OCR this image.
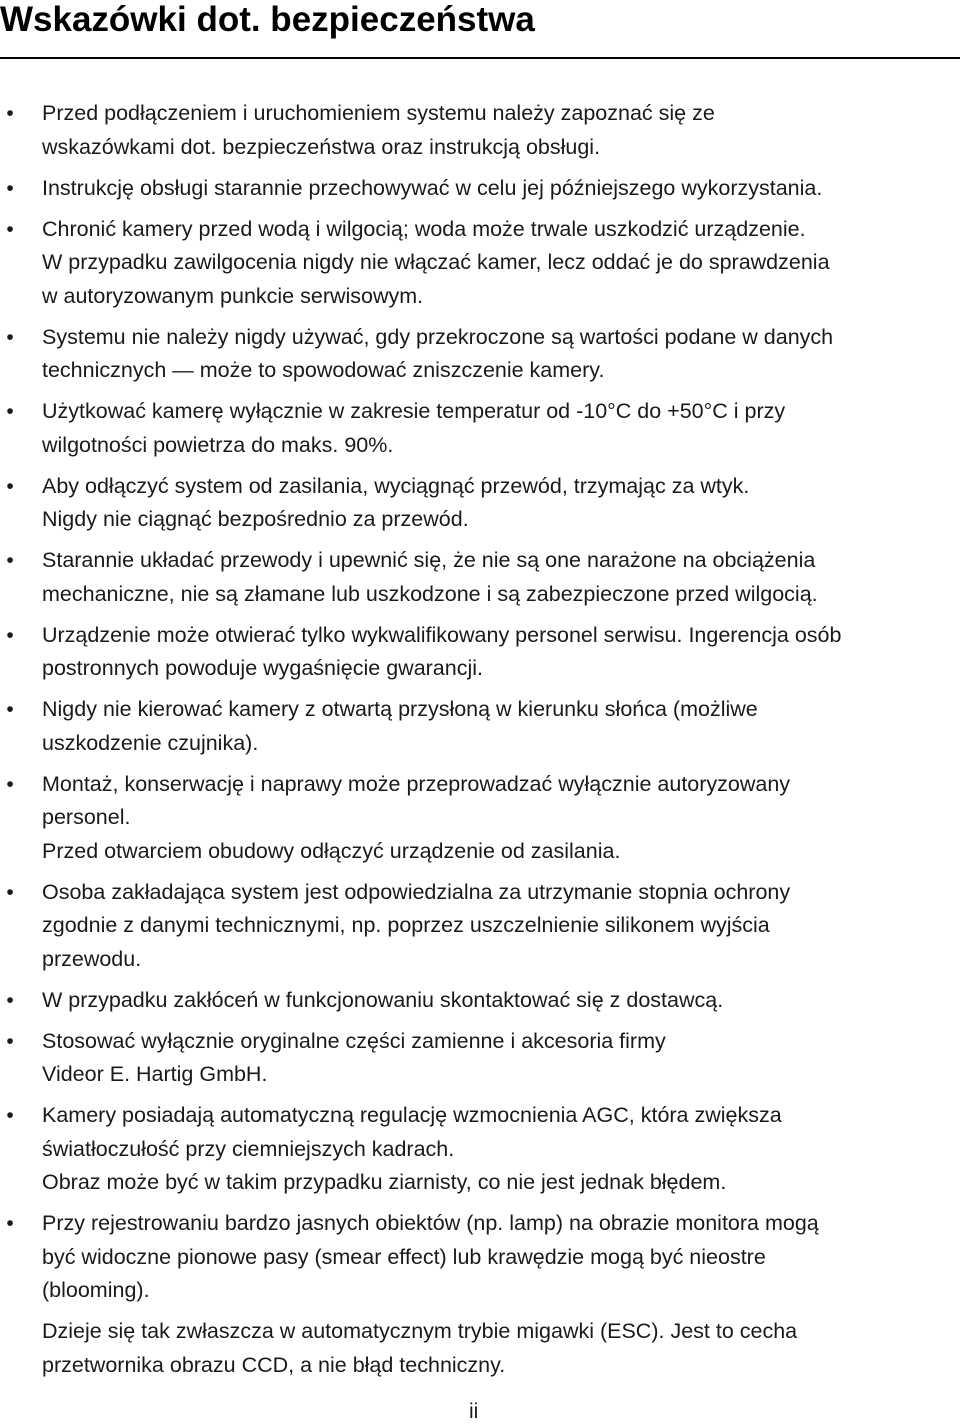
Wskazówki dot. bezpieczeństwa
• Przed podłączeniem i uruchomieniem systemu należy zapoznać się ze
wskazówkami dot. bezpieczeństwa oraz instrukcją obsługi.
• Instrukcję obsługi starannie przechowywać w celu jej późniejszego wykorzystania.
• Chronić kamery przed wodą i wilgocią; woda może trwale uszkodzić urządzenie.
W przypadku zawilgocenia nigdy nie włączać kamer, lecz oddać je do sprawdzenia
w autoryzowanym punkcie serwisowym.
• Systemu nie należy nigdy używać, gdy przekroczone są wartości podane w danych
technicznych — może to spowodować zniszczenie kamery.
• Użytkować kamerę wyłącznie w zakresie temperatur od -10°C do +50°C i przy
wilgotności powietrza do maks. 90%.
• Aby odłączyć system od zasilania, wyciągnąć przewód, trzymając za wtyk.
Nigdy nie ciągnąć bezpośrednio za przewód.
• Starannie układać przewody i upewnić się, że nie są one narażone na obciążenia
mechaniczne, nie są złamane lub uszkodzone i są zabezpieczone przed wilgocią.
• Urządzenie może otwierać tylko wykwalifikowany personel serwisu. Ingerencja osób
postronnych powoduje wygaśnięcie gwarancji.
• Nigdy nie kierować kamery z otwartą przysłoną w kierunku słońca (możliwe
uszkodzenie czujnika).
• Montaż, konserwację i naprawy może przeprowadzać wyłącznie autoryzowany
personel.
Przed otwarciem obudowy odłączyć urządzenie od zasilania.
• Osoba zakładająca system jest odpowiedzialna za utrzymanie stopnia ochrony
zgodnie z danymi technicznymi, np. poprzez uszczelnienie silikonem wyjścia
przewodu.
• W przypadku zakłóceń w funkcjonowaniu skontaktować się z dostawcą.
• Stosować wyłącznie oryginalne części zamienne i akcesoria firmy
Videor E. Hartig GmbH.
• Kamery posiadają automatyczną regulację wzmocnienia AGC, która zwiększa
światłoczułość przy ciemniejszych kadrach.
Obraz może być w takim przypadku ziarnisty, co nie jest jednak błędem.
• Przy rejestrowaniu bardzo jasnych obiektów (np. lamp) na obrazie monitora mogą
być widoczne pionowe pasy (smear effect) lub krawędzie mogą być nieostre
(blooming).
Dzieje się tak zwłaszcza w automatycznym trybie migawki (ESC). Jest to cecha
przetwornika obrazu CCD, a nie błąd techniczny.
ii
